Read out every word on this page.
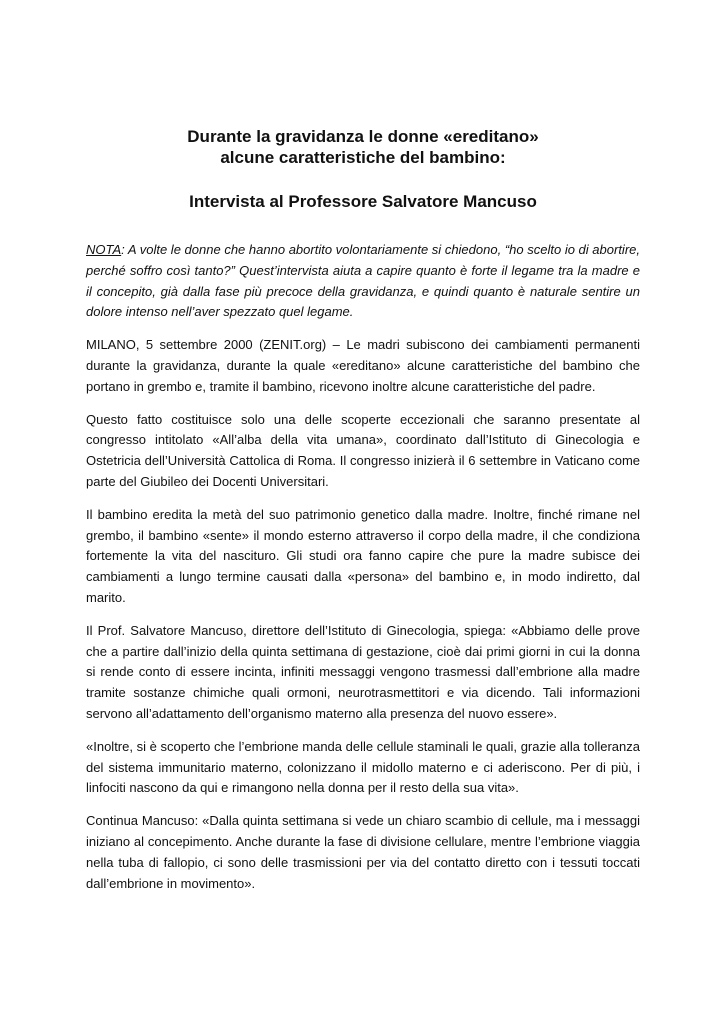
Durante la gravidanza le donne «ereditano»
alcune caratteristiche del bambino:
Intervista al Professore Salvatore Mancuso

NOTA: A volte le donne che hanno abortito volontariamente si chiedono, “ho scelto io di abortire, perché soffro così tanto?” Quest’intervista aiuta a capire quanto è forte il legame tra la madre e il concepito, già dalla fase più precoce della gravidanza, e quindi quanto è naturale sentire un dolore intenso nell’aver spezzato quel legame.

MILANO, 5 settembre 2000 (ZENIT.org) – Le madri subiscono dei cambiamenti permanenti durante la gravidanza, durante la quale «ereditano» alcune caratteristiche del bambino che portano in grembo e, tramite il bambino, ricevono inoltre alcune caratteristiche del padre.

Questo fatto costituisce solo una delle scoperte eccezionali che saranno presentate al congresso intitolato «All’alba della vita umana», coordinato dall’Istituto di Ginecologia e Ostetricia dell’Università Cattolica di Roma. Il congresso inizierà il 6 settembre in Vaticano come parte del Giubileo dei Docenti Universitari.

Il bambino eredita la metà del suo patrimonio genetico dalla madre. Inoltre, finché rimane nel grembo, il bambino «sente» il mondo esterno attraverso il corpo della madre, il che condiziona fortemente la vita del nascituro. Gli studi ora fanno capire che pure la madre subisce dei cambiamenti a lungo termine causati dalla «persona» del bambino e, in modo indiretto, dal marito.

Il Prof. Salvatore Mancuso, direttore dell’Istituto di Ginecologia, spiega: «Abbiamo delle prove che a partire dall’inizio della quinta settimana di gestazione, cioè dai primi giorni in cui la donna si rende conto di essere incinta, infiniti messaggi vengono trasmessi dall’embrione alla madre tramite sostanze chimiche quali ormoni, neurotrasmettitori e via dicendo. Tali informazioni servono all’adattamento dell’organismo materno alla presenza del nuovo essere».

«Inoltre, si è scoperto che l’embrione manda delle cellule staminali le quali, grazie alla tolleranza del sistema immunitario materno, colonizzano il midollo materno e ci aderiscono. Per di più, i linfociti nascono da qui e rimangono nella donna per il resto della sua vita».

Continua Mancuso: «Dalla quinta settimana si vede un chiaro scambio di cellule, ma i messaggi iniziano al concepimento. Anche durante la fase di divisione cellulare, mentre l’embrione viaggia nella tuba di fallopio, ci sono delle trasmissioni per via del contatto diretto con i tessuti toccati dall’embrione in movimento».
